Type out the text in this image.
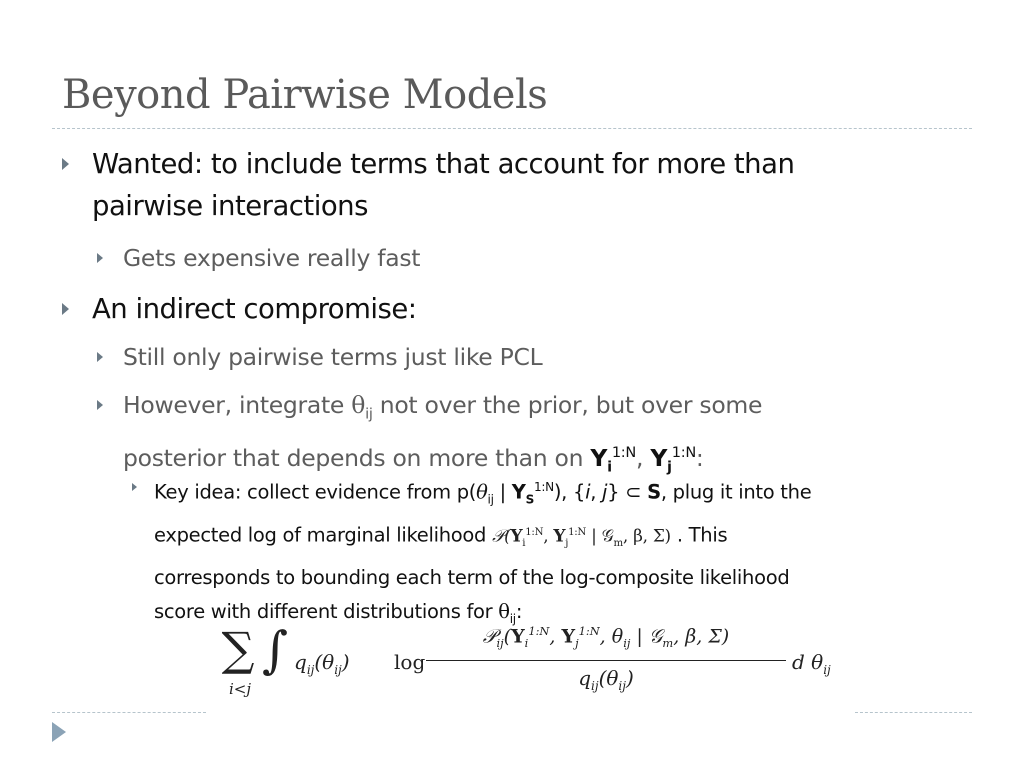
Beyond Pairwise Models
Wanted: to include terms that account for more than
pairwise interactions
Gets expensive really fast
An indirect compromise:
Still only pairwise terms just like PCL
However, integrate $\theta_{ij}$ not over the prior, but over some
posterior that depends on more than on $Y_i^{1:N}$, $Y_j^{1:N}$:
Key idea: collect evidence from $p(\theta_{ij}$ | $Y_S^{1:N}$), {i, j} ⊂ S, plug it into the
expected log of marginal likelihood $𝒫(Y_i^{1:N}$, $Y_j^{1:N}$ | 𝒢$_m$, β, Σ) . This
corresponds to bounding each term of the log-composite likelihood
score with different distributions for $\theta_{ij}$:
∑
i<j
∫ $q_{ij}(\theta_{ij})$ log
$𝒫_{ij}(Y_i^{1:N}$, $Y_j^{1:N}$, $\theta_{ij}$ | 𝒢$_m$, β, Σ)
$q_{ij}(\theta_{ij})$
d $\theta_{ij}$
